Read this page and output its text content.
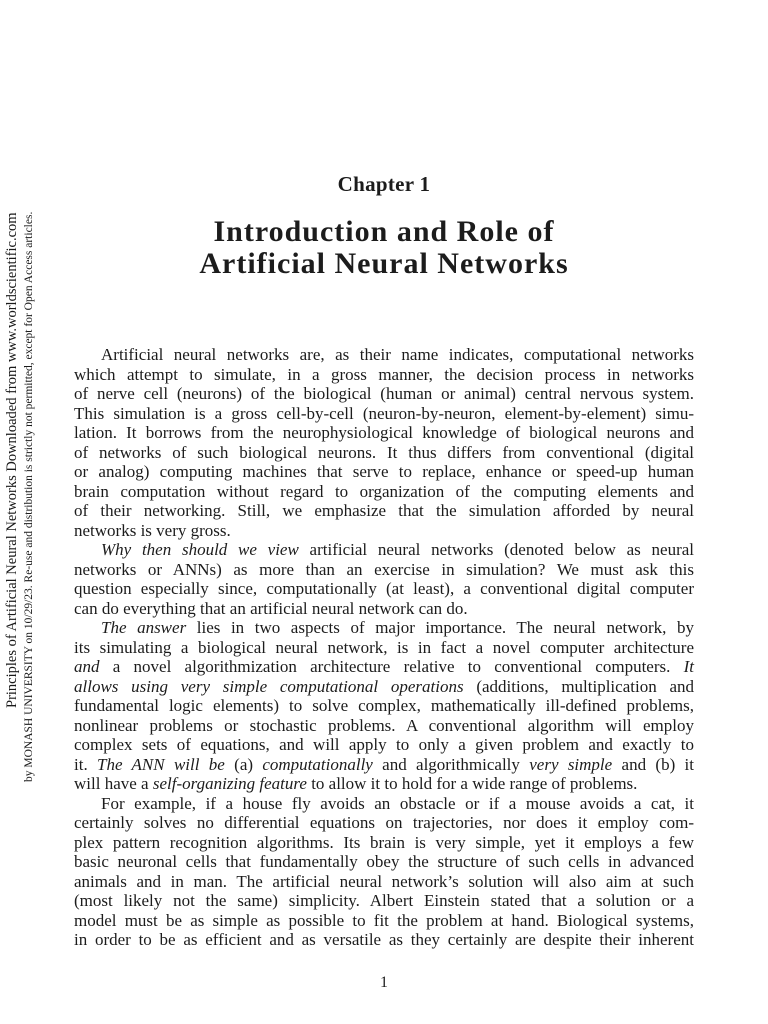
Principles of Artificial Neural Networks Downloaded from www.worldscientific.com by MONASH UNIVERSITY on 10/29/23. Re-use and distribution is strictly not permitted, except for Open Access articles.
Chapter 1
Introduction and Role of
Artificial Neural Networks
Artificial neural networks are, as their name indicates, computational networks
which attempt to simulate, in a gross manner, the decision process in networks
of nerve cell (neurons) of the biological (human or animal) central nervous system.
This simulation is a gross cell-by-cell (neuron-by-neuron, element-by-element) simu-
lation. It borrows from the neurophysiological knowledge of biological neurons and
of networks of such biological neurons. It thus differs from conventional (digital
or analog) computing machines that serve to replace, enhance or speed-up human
brain computation without regard to organization of the computing elements and
of their networking. Still, we emphasize that the simulation afforded by neural
networks is very gross.
Why then should we view artificial neural networks (denoted below as neural
networks or ANNs) as more than an exercise in simulation? We must ask this
question especially since, computationally (at least), a conventional digital computer
can do everything that an artificial neural network can do.
The answer lies in two aspects of major importance. The neural network, by
its simulating a biological neural network, is in fact a novel computer architecture
and a novel algorithmization architecture relative to conventional computers. It
allows using very simple computational operations (additions, multiplication and
fundamental logic elements) to solve complex, mathematically ill-defined problems,
nonlinear problems or stochastic problems. A conventional algorithm will employ
complex sets of equations, and will apply to only a given problem and exactly to
it. The ANN will be (a) computationally and algorithmically very simple and (b) it
will have a self-organizing feature to allow it to hold for a wide range of problems.
For example, if a house fly avoids an obstacle or if a mouse avoids a cat, it
certainly solves no differential equations on trajectories, nor does it employ com-
plex pattern recognition algorithms. Its brain is very simple, yet it employs a few
basic neuronal cells that fundamentally obey the structure of such cells in advanced
animals and in man. The artificial neural network’s solution will also aim at such
(most likely not the same) simplicity. Albert Einstein stated that a solution or a
model must be as simple as possible to fit the problem at hand. Biological systems,
in order to be as efficient and as versatile as they certainly are despite their inherent
1
